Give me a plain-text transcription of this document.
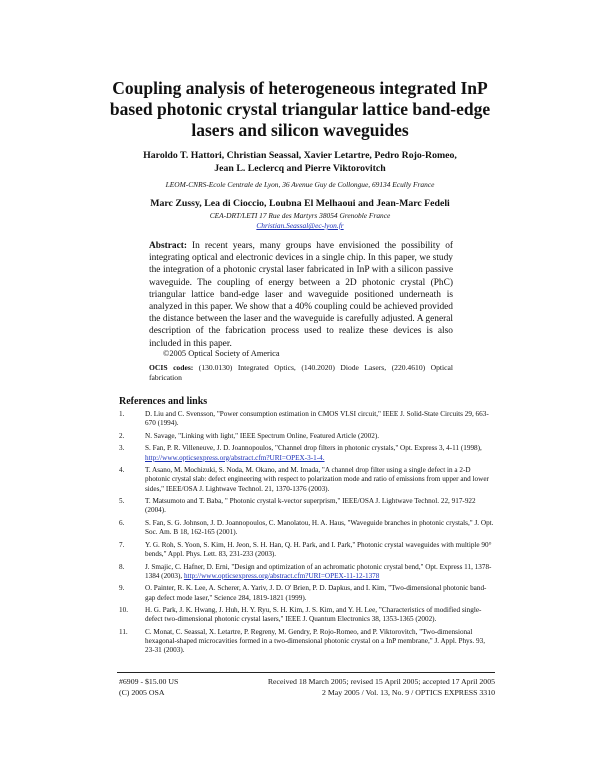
Coupling analysis of heterogeneous integrated InP based photonic crystal triangular lattice band-edge lasers and silicon waveguides

Haroldo T. Hattori, Christian Seassal, Xavier Letartre, Pedro Rojo-Romeo, Jean L. Leclercq and Pierre Viktorovitch

LEOM-CNRS-Ecole Centrale de Lyon, 36 Avenue Guy de Collongue, 69134 Ecully France

Marc Zussy, Lea di Cioccio, Loubna El Melhaoui and Jean-Marc Fedeli

CEA-DRT/LETI 17 Rue des Martyrs 38054 Grenoble France

Christian.Seassal@ec-lyon.fr

Abstract: In recent years, many groups have envisioned the possibility of integrating optical and electronic devices in a single chip. In this paper, we study the integration of a photonic crystal laser fabricated in InP with a silicon passive waveguide. The coupling of energy between a 2D photonic crystal (PhC) triangular lattice band-edge laser and waveguide positioned underneath is analyzed in this paper. We show that a 40% coupling could be achieved provided the distance between the laser and the waveguide is carefully adjusted. A general description of the fabrication process used to realize these devices is also included in this paper.

©2005 Optical Society of America

OCIS codes: (130.0130) Integrated Optics, (140.2020) Diode Lasers, (220.4610) Optical fabrication

References and links
1.	D. Liu and C. Svensson, "Power consumption estimation in CMOS VLSI circuit," IEEE J. Solid-State Circuits 29, 663-670 (1994).
2.	N. Savage, "Linking with light," IEEE Spectrum Online, Featured Article (2002).
3.	S. Fan, P. R. Villeneuve, J. D. Joannopoulos, "Channel drop filters in photonic crystals," Opt. Express 3, 4-11 (1998), http://www.opticsexpress.org/abstract.cfm?URI=OPEX-3-1-4.
4.	T. Asano, M. Mochizuki, S. Noda, M. Okano, and M. Imada, "A channel drop filter using a single defect in a 2-D photonic crystal slab: defect engineering with respect to polarization mode and ratio of emissions from upper and lower sides," IEEE/OSA J. Lightwave Technol. 21, 1370-1376 (2003).
5.	T. Matsumoto and T. Baba, " Photonic crystal k-vector superprism," IEEE/OSA J. Lightwave Technol. 22, 917-922 (2004).
6.	S. Fan, S. G. Johnson, J. D. Joannopoulos, C. Manolatou, H. A. Haus, "Waveguide branches in photonic crystals," J. Opt. Soc. Am. B 18, 162-165 (2001).
7.	Y. G. Roh, S. Yoon, S. Kim, H. Jeon, S. H. Han, Q. H. Park, and I. Park," Photonic crystal waveguides with multiple 90° bends," Appl. Phys. Lett. 83, 231-233 (2003).
8.	J. Smajic, C. Hafner, D. Erni, "Design and optimization of an achromatic photonic crystal bend," Opt. Express 11, 1378-1384 (2003), http://www.opticsexpress.org/abstract.cfm?URI=OPEX-11-12-1378
9.	O. Painter, R. K. Lee, A. Scherer, A. Yariv, J. D. O' Brien, P. D. Dapkus, and I. Kim, "Two-dimensional photonic band-gap defect mode laser," Science 284, 1819-1821 (1999).
10.	H. G. Park, J. K. Hwang, J. Huh, H. Y. Ryu, S. H. Kim, J. S. Kim, and Y. H. Lee, "Characteristics of modified single-defect two-dimensional photonic crystal lasers," IEEE J. Quantum Electronics 38, 1353-1365 (2002).
11.	C. Monat, C. Seassal, X. Letartre, P. Regreny, M. Gendry, P. Rojo-Romeo, and P. Viktorovitch, "Two-dimensional hexagonal-shaped microcavities formed in a two-dimensional photonic crystal on a InP membrane," J. Appl. Phys. 93, 23-31 (2003).

#6909 - $15.00 US

(C) 2005 OSA

Received 18 March 2005; revised 15 April 2005; accepted 17 April 2005

2 May 2005 / Vol. 13, No. 9 / OPTICS EXPRESS 3310
